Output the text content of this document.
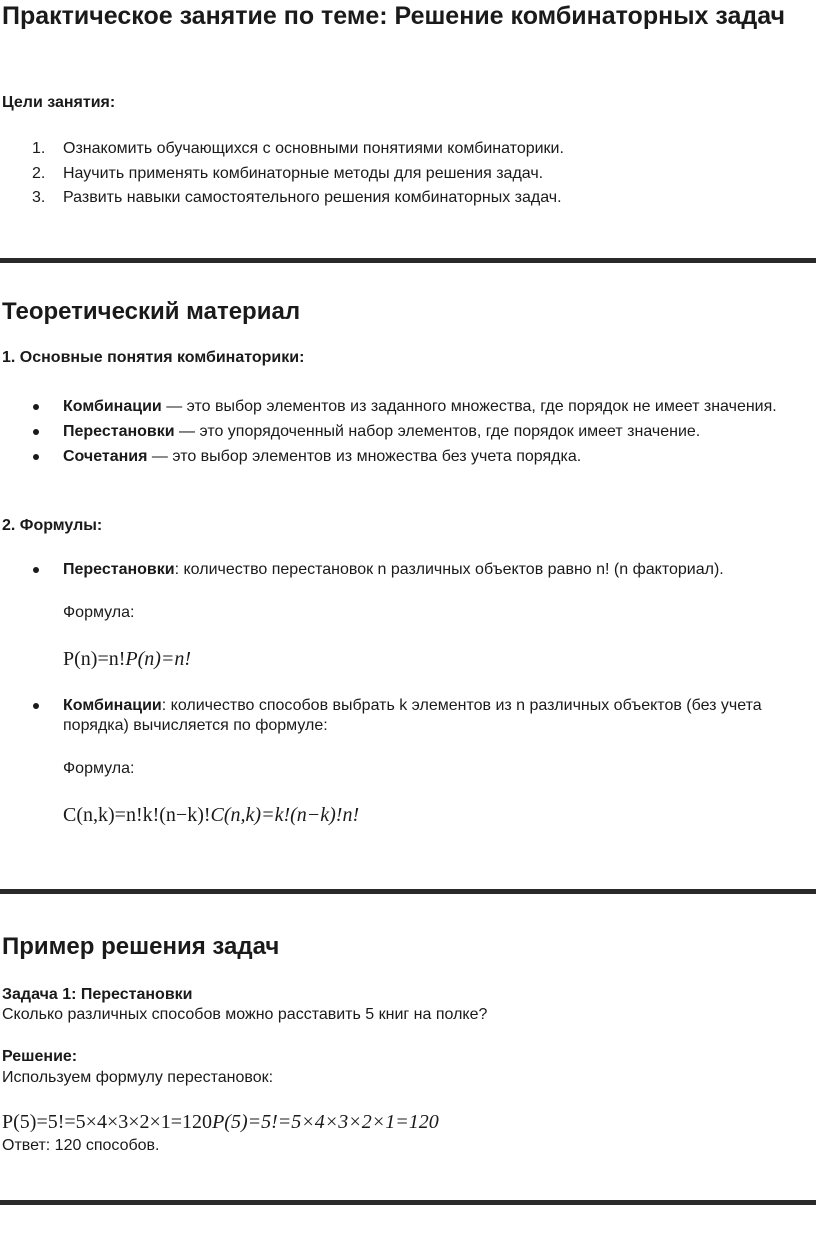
Практическое занятие по теме: Решение комбинаторных задач

Цели занятия:

1. Ознакомить обучающихся с основными понятиями комбинаторики.
2. Научить применять комбинаторные методы для решения задач.
3. Развить навыки самостоятельного решения комбинаторных задач.
Теоретический материал

1. Основные понятия комбинаторики:

Комбинации — это выбор элементов из заданного множества, где порядок не имеет значения.
Перестановки — это упорядоченный набор элементов, где порядок имеет значение.
Сочетания — это выбор элементов из множества без учета порядка.

2. Формулы:

Перестановки: количество перестановок n различных объектов равно n! (n факториал).
Формула:
P(n)=n!P(n)=n!
Комбинации: количество способов выбрать k элементов из n различных объектов (без учета порядка) вычисляется по формуле:
Формула:
C(n,k)=n!k!(n−k)!C(n,k)=k!(n−k)!n!
Пример решения задач

Задача 1: Перестановки

Сколько различных способов можно расставить 5 книг на полке?

Решение:

Используем формулу перестановок:

P(5)=5!=5×4×3×2×1=120P(5)=5!=5×4×3×2×1=120

Ответ: 120 способов.
